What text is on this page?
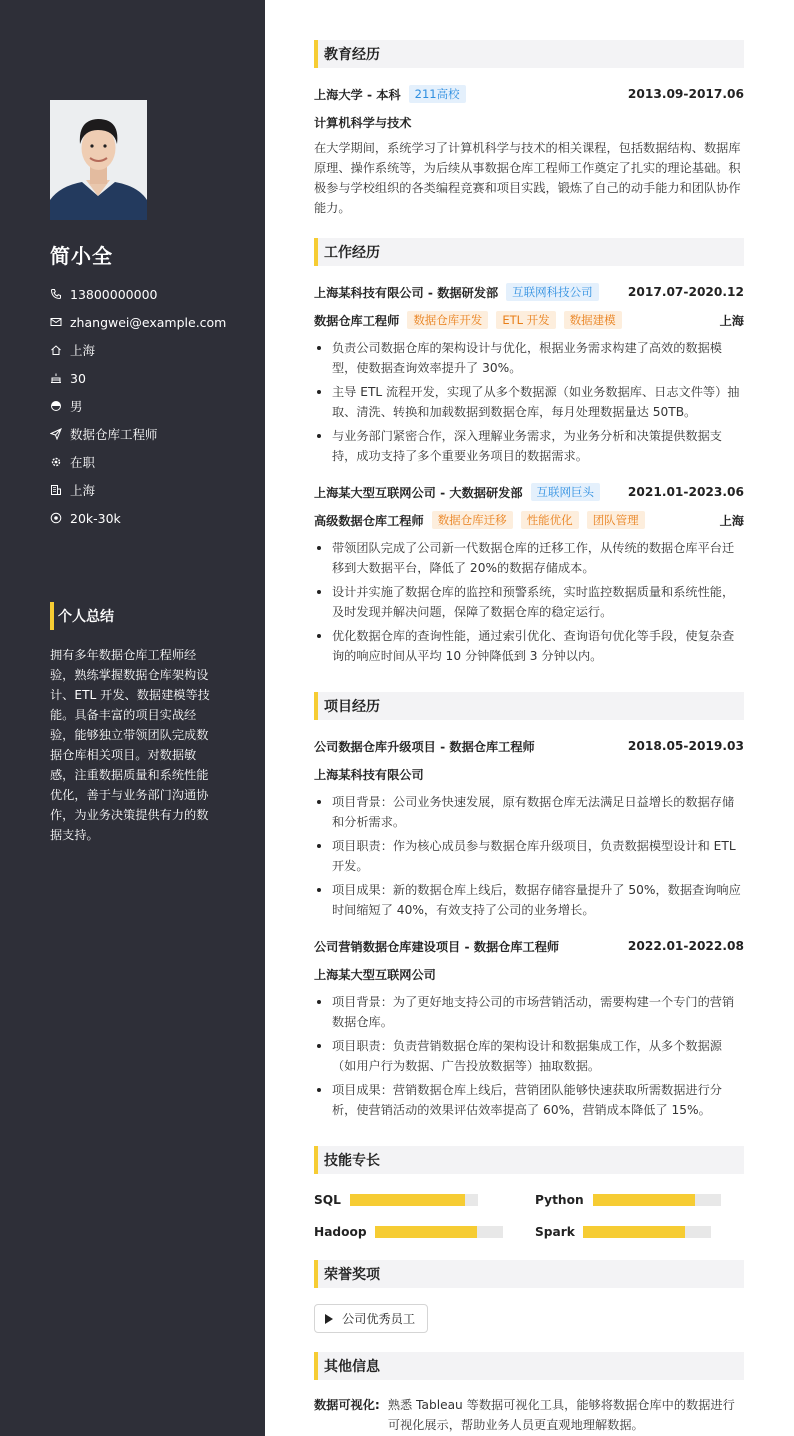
简小全
13800000000
zhangwei@example.com
上海
30
男
数据仓库工程师
在职
上海
20k-30k
个人总结
拥有多年数据仓库工程师经验，熟练掌握数据仓库架构设计、ETL 开发、数据建模等技能。具备丰富的项目实战经验，能够独立带领团队完成数据仓库相关项目。对数据敏感，注重数据质量和系统性能优化，善于与业务部门沟通协作，为业务决策提供有力的数据支持。
教育经历
上海大学 - 本科	211高校	2013.09-2017.06
计算机科学与技术
在大学期间，系统学习了计算机科学与技术的相关课程，包括数据结构、数据库原理、操作系统等，为后续从事数据仓库工程师工作奠定了扎实的理论基础。积极参与学校组织的各类编程竞赛和项目实践，锻炼了自己的动手能力和团队协作能力。
工作经历
上海某科技有限公司 - 数据研发部	互联网科技公司	2017.07-2020.12
数据仓库工程师	数据仓库开发	ETL 开发	数据建模	上海
负责公司数据仓库的架构设计与优化，根据业务需求构建了高效的数据模型，使数据查询效率提升了 30%。
主导 ETL 流程开发，实现了从多个数据源（如业务数据库、日志文件等）抽取、清洗、转换和加载数据到数据仓库，每月处理数据量达 50TB。
与业务部门紧密合作，深入理解业务需求，为业务分析和决策提供数据支持，成功支持了多个重要业务项目的数据需求。
上海某大型互联网公司 - 大数据研发部	互联网巨头	2021.01-2023.06
高级数据仓库工程师	数据仓库迁移	性能优化	团队管理	上海
带领团队完成了公司新一代数据仓库的迁移工作，从传统的数据仓库平台迁移到大数据平台，降低了 20%的数据存储成本。
设计并实施了数据仓库的监控和预警系统，实时监控数据质量和系统性能，及时发现并解决问题，保障了数据仓库的稳定运行。
优化数据仓库的查询性能，通过索引优化、查询语句优化等手段，使复杂查询的响应时间从平均 10 分钟降低到 3 分钟以内。
项目经历
公司数据仓库升级项目 - 数据仓库工程师	2018.05-2019.03
上海某科技有限公司
项目背景：公司业务快速发展，原有数据仓库无法满足日益增长的数据存储和分析需求。
项目职责：作为核心成员参与数据仓库升级项目，负责数据模型设计和 ETL 开发。
项目成果：新的数据仓库上线后，数据存储容量提升了 50%，数据查询响应时间缩短了 40%，有效支持了公司的业务增长。
公司营销数据仓库建设项目 - 数据仓库工程师	2022.01-2022.08
上海某大型互联网公司
项目背景：为了更好地支持公司的市场营销活动，需要构建一个专门的营销数据仓库。
项目职责：负责营销数据仓库的架构设计和数据集成工作，从多个数据源（如用户行为数据、广告投放数据等）抽取数据。
项目成果：营销数据仓库上线后，营销团队能够快速获取所需数据进行分析，使营销活动的效果评估效率提高了 60%，营销成本降低了 15%。
技能专长
SQL	Python
Hadoop	Spark
荣誉奖项
公司优秀员工
其他信息
数据可视化: 熟悉 Tableau 等数据可视化工具，能够将数据仓库中的数据进行可视化展示，帮助业务人员更直观地理解数据。
